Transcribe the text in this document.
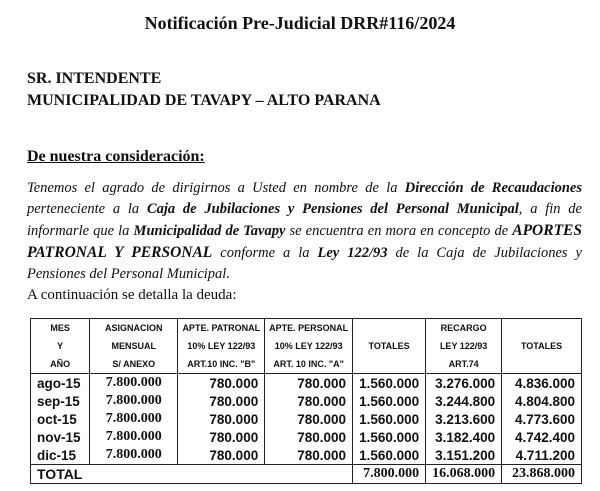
Notificación Pre-Judicial DRR#116/2024
SR. INTENDENTE
MUNICIPALIDAD DE TAVAPY – ALTO PARANA
De nuestra consideración:
Tenemos el agrado de dirigirnos a Usted en nombre de la Dirección de Recaudaciones perteneciente a la Caja de Jubilaciones y Pensiones del Personal Municipal, a fin de informarle que la Municipalidad de Tavapy se encuentra en mora en concepto de APORTES PATRONAL Y PERSONAL conforme a la Ley 122/93 de la Caja de Jubilaciones y Pensiones del Personal Municipal.
A continuación se detalla la deuda:
MES
Y
AÑO	ASIGNACION
MENSUAL
S/ ANEXO	APTE. PATRONAL
10% LEY 122/93
ART.10 INC. "B"	APTE. PERSONAL
10% LEY 122/93
ART. 10 INC. "A"	TOTALES	RECARGO
LEY 122/93
ART.74	TOTALES
ago-15	7.800.000	780.000	780.000	1.560.000	3.276.000	4.836.000
sep-15	7.800.000	780.000	780.000	1.560.000	3.244.800	4.804.800
oct-15	7.800.000	780.000	780.000	1.560.000	3.213.600	4.773.600
nov-15	7.800.000	780.000	780.000	1.560.000	3.182.400	4.742.400
dic-15	7.800.000	780.000	780.000	1.560.000	3.151.200	4.711.200
TOTAL				7.800.000	16.068.000	23.868.000
